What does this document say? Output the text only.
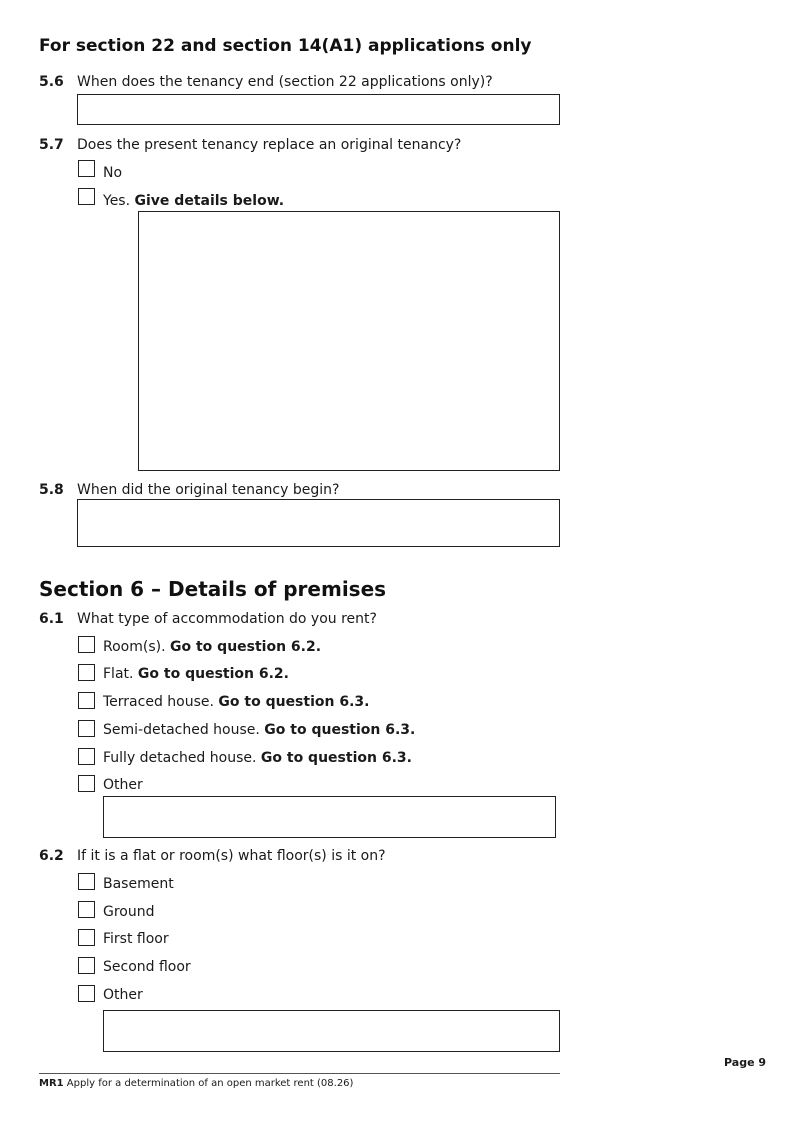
For section 22 and section 14(A1) applications only
5.6 When does the tenancy end (section 22 applications only)?
5.7 Does the present tenancy replace an original tenancy?
No
Yes. Give details below.
5.8 When did the original tenancy begin?
Section 6 – Details of premises
6.1 What type of accommodation do you rent?
Room(s). Go to question 6.2.
Flat. Go to question 6.2.
Terraced house. Go to question 6.3.
Semi-detached house. Go to question 6.3.
Fully detached house. Go to question 6.3.
Other
6.2 If it is a flat or room(s) what floor(s) is it on?
Basement
Ground
First floor
Second floor
Other
Page 9
MR1 Apply for a determination of an open market rent (08.26)
